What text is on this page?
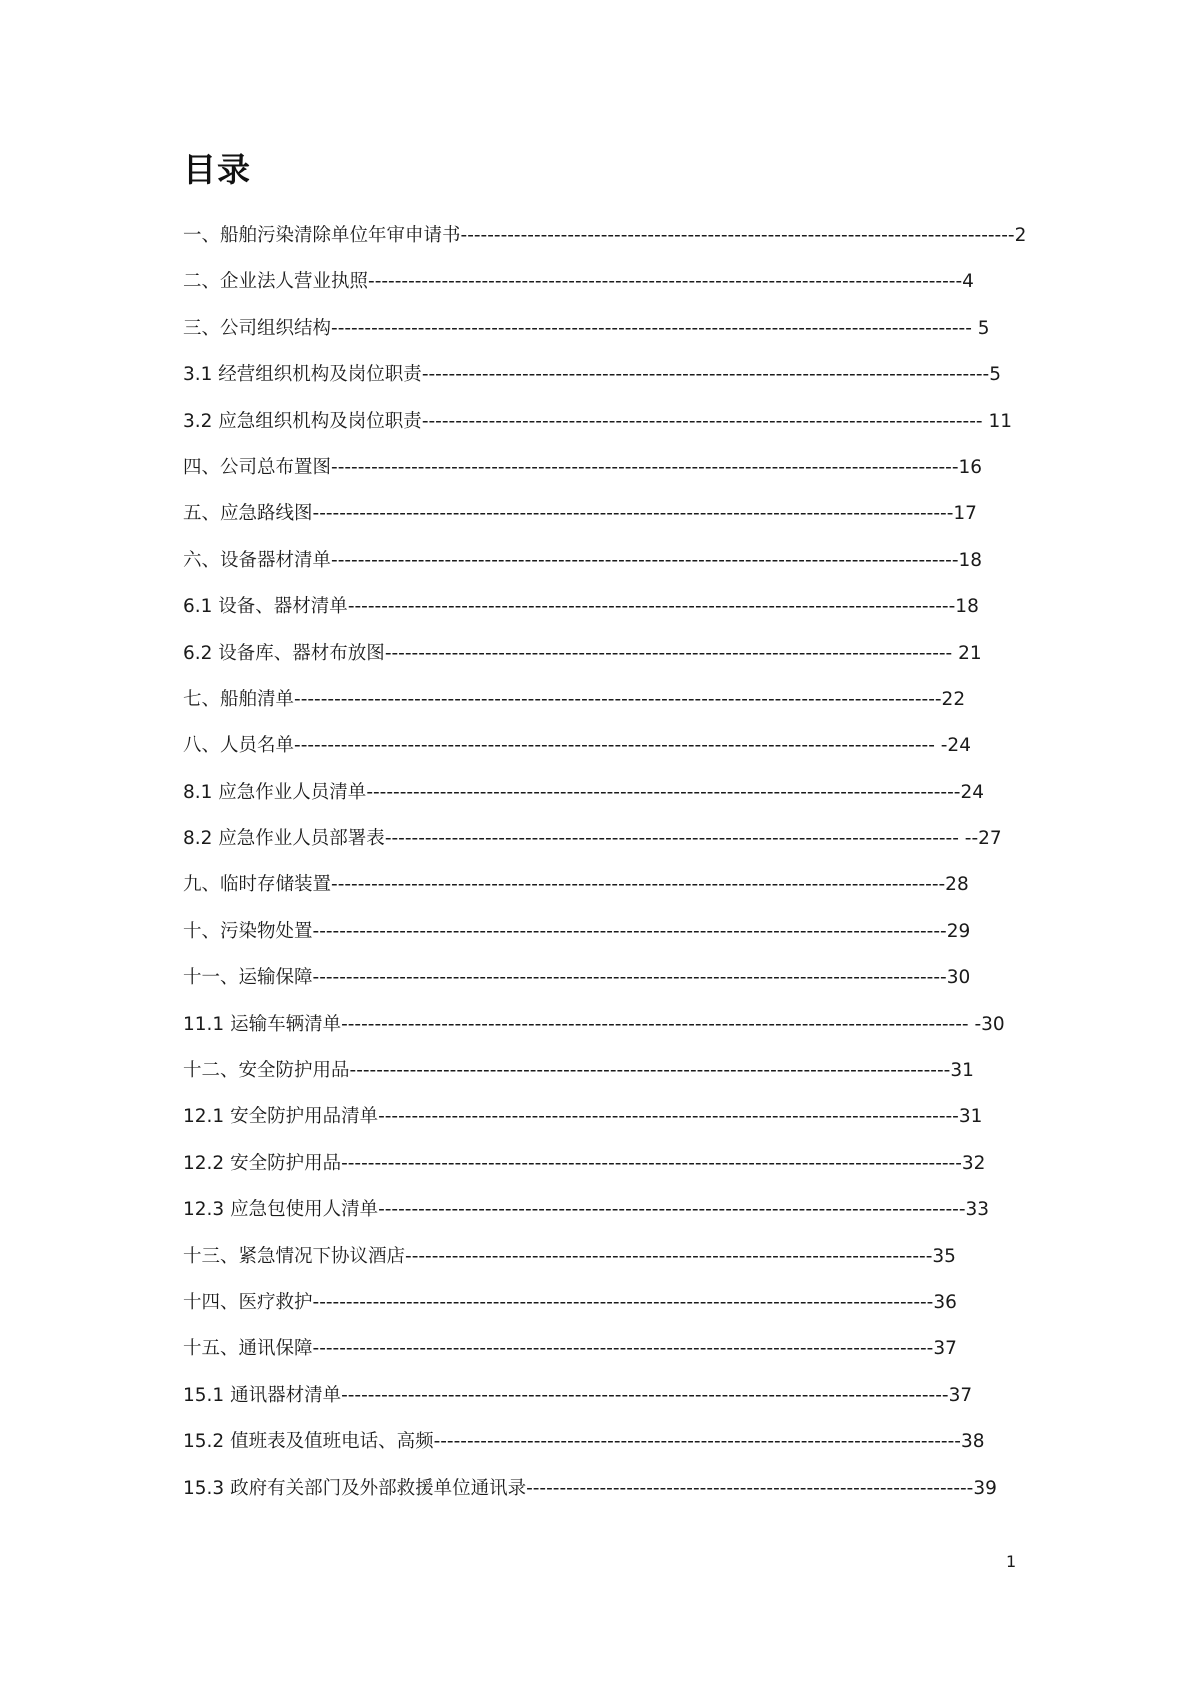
目录
一、船舶污染清除单位年审申请书-----------------------------------------------------------------------------------2
二、企业法人营业执照-----------------------------------------------------------------------------------------4
三、公司组织结构------------------------------------------------------------------------------------------------ 5
3.1 经营组织机构及岗位职责-------------------------------------------------------------------------------------5
3.2 应急组织机构及岗位职责------------------------------------------------------------------------------------ 11
四、公司总布置图----------------------------------------------------------------------------------------------16
五、应急路线图------------------------------------------------------------------------------------------------17
六、设备器材清单----------------------------------------------------------------------------------------------18
6.1 设备、器材清单-------------------------------------------------------------------------------------------18
6.2 设备库、器材布放图------------------------------------------------------------------------------------- 21
七、船舶清单-------------------------------------------------------------------------------------------------22
八、人员名单------------------------------------------------------------------------------------------------ -24
8.1 应急作业人员清单-----------------------------------------------------------------------------------------24
8.2 应急作业人员部署表-------------------------------------------------------------------------------------- --27
九、临时存储装置--------------------------------------------------------------------------------------------28
十、污染物处置-----------------------------------------------------------------------------------------------29
十一、运输保障-----------------------------------------------------------------------------------------------30
11.1 运输车辆清单---------------------------------------------------------------------------------------------- -30
十二、安全防护用品------------------------------------------------------------------------------------------31
12.1 安全防护用品清单---------------------------------------------------------------------------------------31
12.2 安全防护用品---------------------------------------------------------------------------------------------32
12.3 应急包使用人清单----------------------------------------------------------------------------------------33
十三、紧急情况下协议酒店-------------------------------------------------------------------------------35
十四、医疗救护---------------------------------------------------------------------------------------------36
十五、通讯保障---------------------------------------------------------------------------------------------37
15.1 通讯器材清单-------------------------------------------------------------------------------------------37
15.2 值班表及值班电话、高频-------------------------------------------------------------------------------38
15.3 政府有关部门及外部救援单位通讯录-------------------------------------------------------------------39
1
